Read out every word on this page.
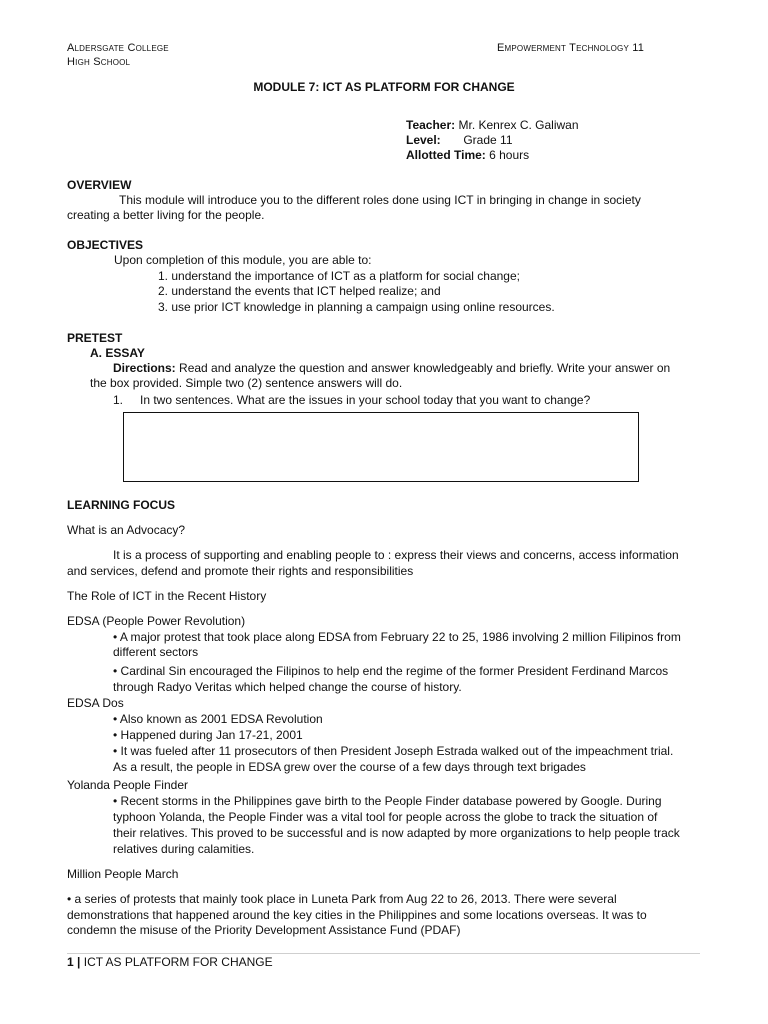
Aldersgate College
High School
Empowerment Technology 11
MODULE 7: ICT AS PLATFORM FOR CHANGE
Teacher: Mr. Kenrex C. Galiwan
Level: Grade 11
Allotted Time: 6 hours
OVERVIEW
This module will introduce you to the different roles done using ICT in bringing in change in society
creating a better living for the people.
OBJECTIVES
Upon completion of this module, you are able to:
1. understand the importance of ICT as a platform for social change;
2. understand the events that ICT helped realize; and
3. use prior ICT knowledge in planning a campaign using online resources.
PRETEST
A. ESSAY
Directions: Read and analyze the question and answer knowledgeably and briefly. Write your answer on
the box provided. Simple two (2) sentence answers will do.
1. In two sentences. What are the issues in your school today that you want to change?
LEARNING FOCUS
What is an Advocacy?
It is a process of supporting and enabling people to : express their views and concerns, access information
and services, defend and promote their rights and responsibilities
The Role of ICT in the Recent History
EDSA (People Power Revolution)
• A major protest that took place along EDSA from February 22 to 25, 1986 involving 2 million Filipinos from
different sectors
• Cardinal Sin encouraged the Filipinos to help end the regime of the former President Ferdinand Marcos
through Radyo Veritas which helped change the course of history.
EDSA Dos
• Also known as 2001 EDSA Revolution
• Happened during Jan 17-21, 2001
• It was fueled after 11 prosecutors of then President Joseph Estrada walked out of the impeachment trial.
As a result, the people in EDSA grew over the course of a few days through text brigades
Yolanda People Finder
• Recent storms in the Philippines gave birth to the People Finder database powered by Google. During
typhoon Yolanda, the People Finder was a vital tool for people across the globe to track the situation of
their relatives. This proved to be successful and is now adapted by more organizations to help people track
relatives during calamities.
Million People March
• a series of protests that mainly took place in Luneta Park from Aug 22 to 26, 2013. There were several
demonstrations that happened around the key cities in the Philippines and some locations overseas. It was to
condemn the misuse of the Priority Development Assistance Fund (PDAF)
1 | ICT AS PLATFORM FOR CHANGE
